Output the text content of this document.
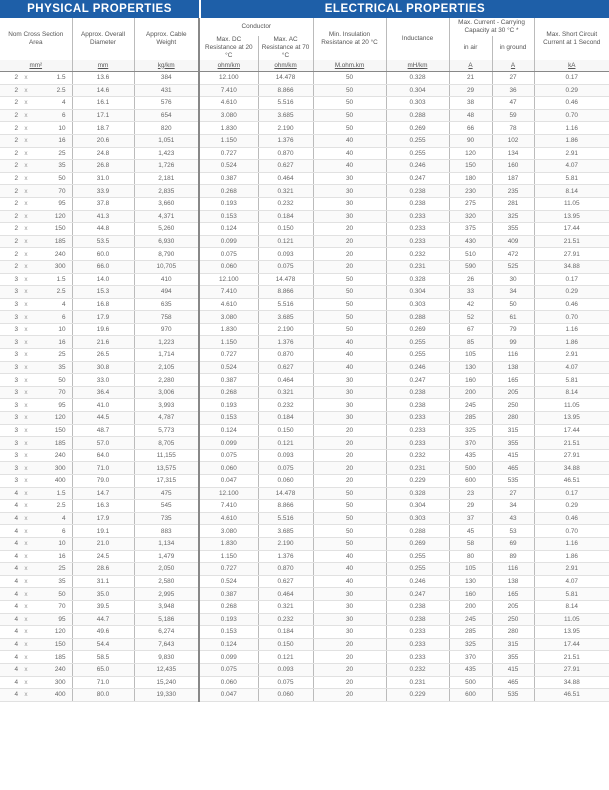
PHYSICAL PROPERTIES	ELECTRICAL PROPERTIES
Nom Cross Section Area			Approx. Overall Diameter	Approx. Cable Weight	Conductor		Min. Insulation Resistance at 20 °C	Inductance	Max. Current - Carrying Capacity at 30 °C *		Max. Short Circuit Current at 1 Second
					Max. DC Resistance at 20 °C	Max. AC Resistance at 70 °C			in air	in ground	
mm²			mm	kg/km	ohm/km	ohm/km	M.ohm.km	mH/km	A	A	kA
2	x	1.5	13.6	384	12.100	14.478	50	0.328	21	27	0.17
2	x	2.5	14.6	431	7.410	8.866	50	0.304	29	36	0.29
2	x	4	16.1	576	4.610	5.516	50	0.303	38	47	0.46
2	x	6	17.1	654	3.080	3.685	50	0.288	48	59	0.70
2	x	10	18.7	820	1.830	2.190	50	0.269	66	78	1.16
2	x	16	20.6	1,051	1.150	1.376	40	0.255	90	102	1.86
2	x	25	24.8	1,423	0.727	0.870	40	0.255	120	134	2.91
2	x	35	26.8	1,726	0.524	0.627	40	0.246	150	160	4.07
2	x	50	31.0	2,181	0.387	0.464	30	0.247	180	187	5.81
2	x	70	33.9	2,835	0.268	0.321	30	0.238	230	235	8.14
2	x	95	37.8	3,660	0.193	0.232	30	0.238	275	281	11.05
2	x	120	41.3	4,371	0.153	0.184	30	0.233	320	325	13.95
2	x	150	44.8	5,260	0.124	0.150	20	0.233	375	355	17.44
2	x	185	53.5	6,930	0.099	0.121	20	0.233	430	409	21.51
2	x	240	60.0	8,790	0.075	0.093	20	0.232	510	472	27.91
2	x	300	66.0	10,705	0.060	0.075	20	0.231	590	525	34.88
3	x	1.5	14.0	410	12.100	14.478	50	0.328	26	30	0.17
3	x	2.5	15.3	494	7.410	8.866	50	0.304	33	34	0.29
3	x	4	16.8	635	4.610	5.516	50	0.303	42	50	0.46
3	x	6	17.9	758	3.080	3.685	50	0.288	52	61	0.70
3	x	10	19.6	970	1.830	2.190	50	0.269	67	79	1.16
3	x	16	21.6	1,223	1.150	1.376	40	0.255	85	99	1.86
3	x	25	26.5	1,714	0.727	0.870	40	0.255	105	116	2.91
3	x	35	30.8	2,105	0.524	0.627	40	0.246	130	138	4.07
3	x	50	33.0	2,280	0.387	0.464	30	0.247	160	165	5.81
3	x	70	36.4	3,006	0.268	0.321	30	0.238	200	205	8.14
3	x	95	41.0	3,993	0.193	0.232	30	0.238	245	250	11.05
3	x	120	44.5	4,787	0.153	0.184	30	0.233	285	280	13.95
3	x	150	48.7	5,773	0.124	0.150	20	0.233	325	315	17.44
3	x	185	57.0	8,705	0.099	0.121	20	0.233	370	355	21.51
3	x	240	64.0	11,155	0.075	0.093	20	0.232	435	415	27.91
3	x	300	71.0	13,575	0.060	0.075	20	0.231	500	465	34.88
3	x	400	79.0	17,315	0.047	0.060	20	0.229	600	535	46.51
4	x	1.5	14.7	475	12.100	14.478	50	0.328	23	27	0.17
4	x	2.5	16.3	545	7.410	8.866	50	0.304	29	34	0.29
4	x	4	17.9	735	4.610	5.516	50	0.303	37	43	0.46
4	x	6	19.1	883	3.080	3.685	50	0.288	45	53	0.70
4	x	10	21.0	1,134	1.830	2.190	50	0.269	58	69	1.16
4	x	16	24.5	1,479	1.150	1.376	40	0.255	80	89	1.86
4	x	25	28.6	2,050	0.727	0.870	40	0.255	105	116	2.91
4	x	35	31.1	2,580	0.524	0.627	40	0.246	130	138	4.07
4	x	50	35.0	2,995	0.387	0.464	30	0.247	160	165	5.81
4	x	70	39.5	3,948	0.268	0.321	30	0.238	200	205	8.14
4	x	95	44.7	5,186	0.193	0.232	30	0.238	245	250	11.05
4	x	120	49.6	6,274	0.153	0.184	30	0.233	285	280	13.95
4	x	150	54.4	7,643	0.124	0.150	20	0.233	325	315	17.44
4	x	185	58.5	9,830	0.099	0.121	20	0.233	370	355	21.51
4	x	240	65.0	12,435	0.075	0.093	20	0.232	435	415	27.91
4	x	300	71.0	15,240	0.060	0.075	20	0.231	500	465	34.88
4	x	400	80.0	19,330	0.047	0.060	20	0.229	600	535	46.51
